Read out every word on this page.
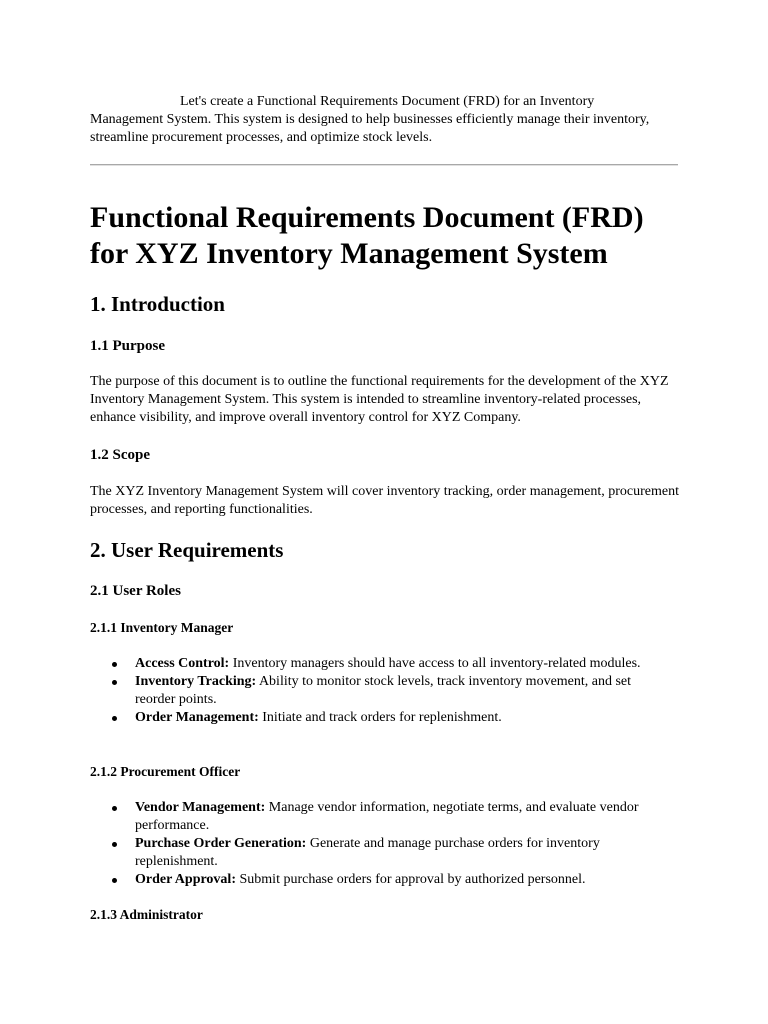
Let's create a Functional Requirements Document (FRD) for an Inventory Management System. This system is designed to help businesses efficiently manage their inventory, streamline procurement processes, and optimize stock levels.

Functional Requirements Document (FRD) for XYZ Inventory Management System
1. Introduction
1.1 Purpose

The purpose of this document is to outline the functional requirements for the development of the XYZ Inventory Management System. This system is intended to streamline inventory-related processes, enhance visibility, and improve overall inventory control for XYZ Company.

1.2 Scope

The XYZ Inventory Management System will cover inventory tracking, order management, procurement processes, and reporting functionalities.

2. User Requirements
2.1 User Roles
2.1.1 Inventory Manager
Access Control: Inventory managers should have access to all inventory-related modules.
Inventory Tracking: Ability to monitor stock levels, track inventory movement, and set reorder points.
Order Management: Initiate and track orders for replenishment.
2.1.2 Procurement Officer
Vendor Management: Manage vendor information, negotiate terms, and evaluate vendor performance.
Purchase Order Generation: Generate and manage purchase orders for inventory replenishment.
Order Approval: Submit purchase orders for approval by authorized personnel.
2.1.3 Administrator
